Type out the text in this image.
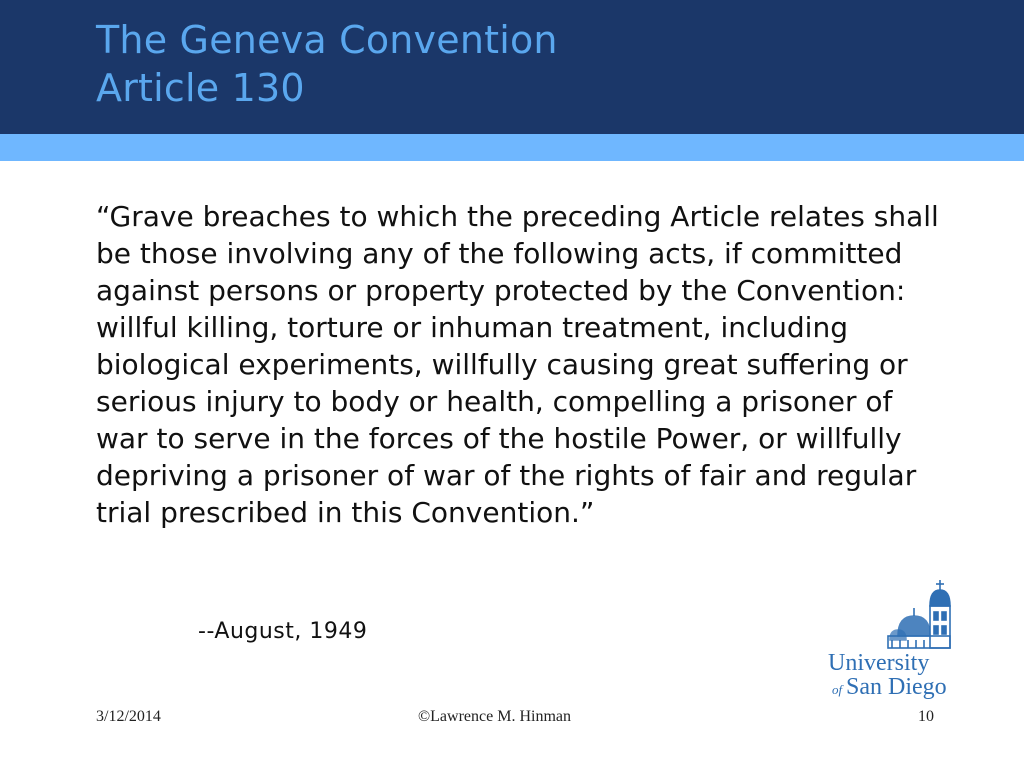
The Geneva Convention
Article 130

“Grave breaches to which the preceding Article relates shall be those involving any of the following acts, if committed against persons or property protected by the Convention: willful killing, torture or inhuman treatment, including biological experiments, willfully causing great suffering or serious injury to body or health, compelling a prisoner of war to serve in the forces of the hostile Power, or willfully depriving a prisoner of war of the rights of fair and regular trial prescribed in this Convention.”

--August, 1949

University
of San Diego
3/12/2014	©Lawrence M. Hinman	10
